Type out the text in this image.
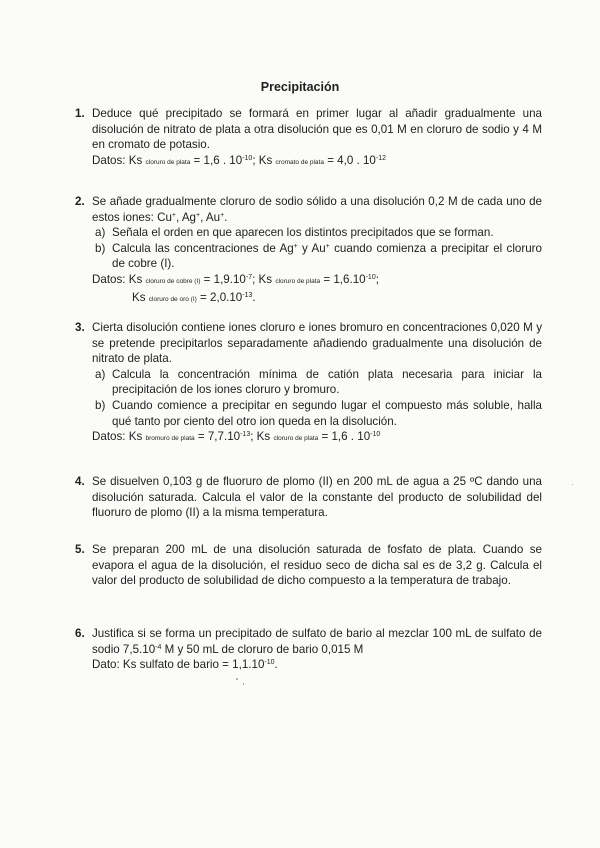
Precipitación
1. Deduce qué precipitado se formará en primer lugar al añadir gradualmente una disolución de nitrato de plata a otra disolución que es 0,01 M en cloruro de sodio y 4 M en cromato de potasio.
Datos: Ks cloruro de plata = 1,6 . $10^{-10}$; Ks cromato de plata = 4,0 . $10^{-12}$
2. Se añade gradualmente cloruro de sodio sólido a una disolución 0,2 M de cada uno de estos iones: Cu+, Ag+, Au+.
a) Señala el orden en que aparecen los distintos precipitados que se forman.
b) Calcula las concentraciones de Ag+ y Au+ cuando comienza a precipitar el cloruro de cobre (I).
Datos: Ks cloruro de cobre $(I) = 1,9.10^{-7}$; Ks cloruro de plata = $1,6.10^{-10}$;
Ks cloruro de oro $(I) = 2,0.10^{-13}$.
3. Cierta disolución contiene iones cloruro e iones bromuro en concentraciones 0,020 M y se pretende precipitarlos separadamente añadiendo gradualmente una disolución de nitrato de plata.
a) Calcula la concentración mínima de catión plata necesaria para iniciar la precipitación de los iones cloruro y bromuro.
b) Cuando comience a precipitar en segundo lugar el compuesto más soluble, halla qué tanto por ciento del otro ion queda en la disolución.
Datos: Ks bromuro de plata = $7,7.10^{-13}$; Ks cloruro de plata = 1,6 . $10^{-10}$
4. Se disuelven 0,103 g de fluoruro de plomo (II) en 200 mL de agua a 25 ºC dando una disolución saturada. Calcula el valor de la constante del producto de solubilidad del fluoruro de plomo (II) a la misma temperatura.
5. Se preparan 200 mL de una disolución saturada de fosfato de plata. Cuando se evapora el agua de la disolución, el residuo seco de dicha sal es de 3,2 g. Calcula el valor del producto de solubilidad de dicho compuesto a la temperatura de trabajo.
6. Justifica si se forma un precipitado de sulfato de bario al mezclar 100 mL de sulfato de sodio $7,5.10^{-4}$ M y 50 mL de cloruro de bario 0,015 M
Dato: Ks sulfato de bario = $1,1.10^{-10}$.
